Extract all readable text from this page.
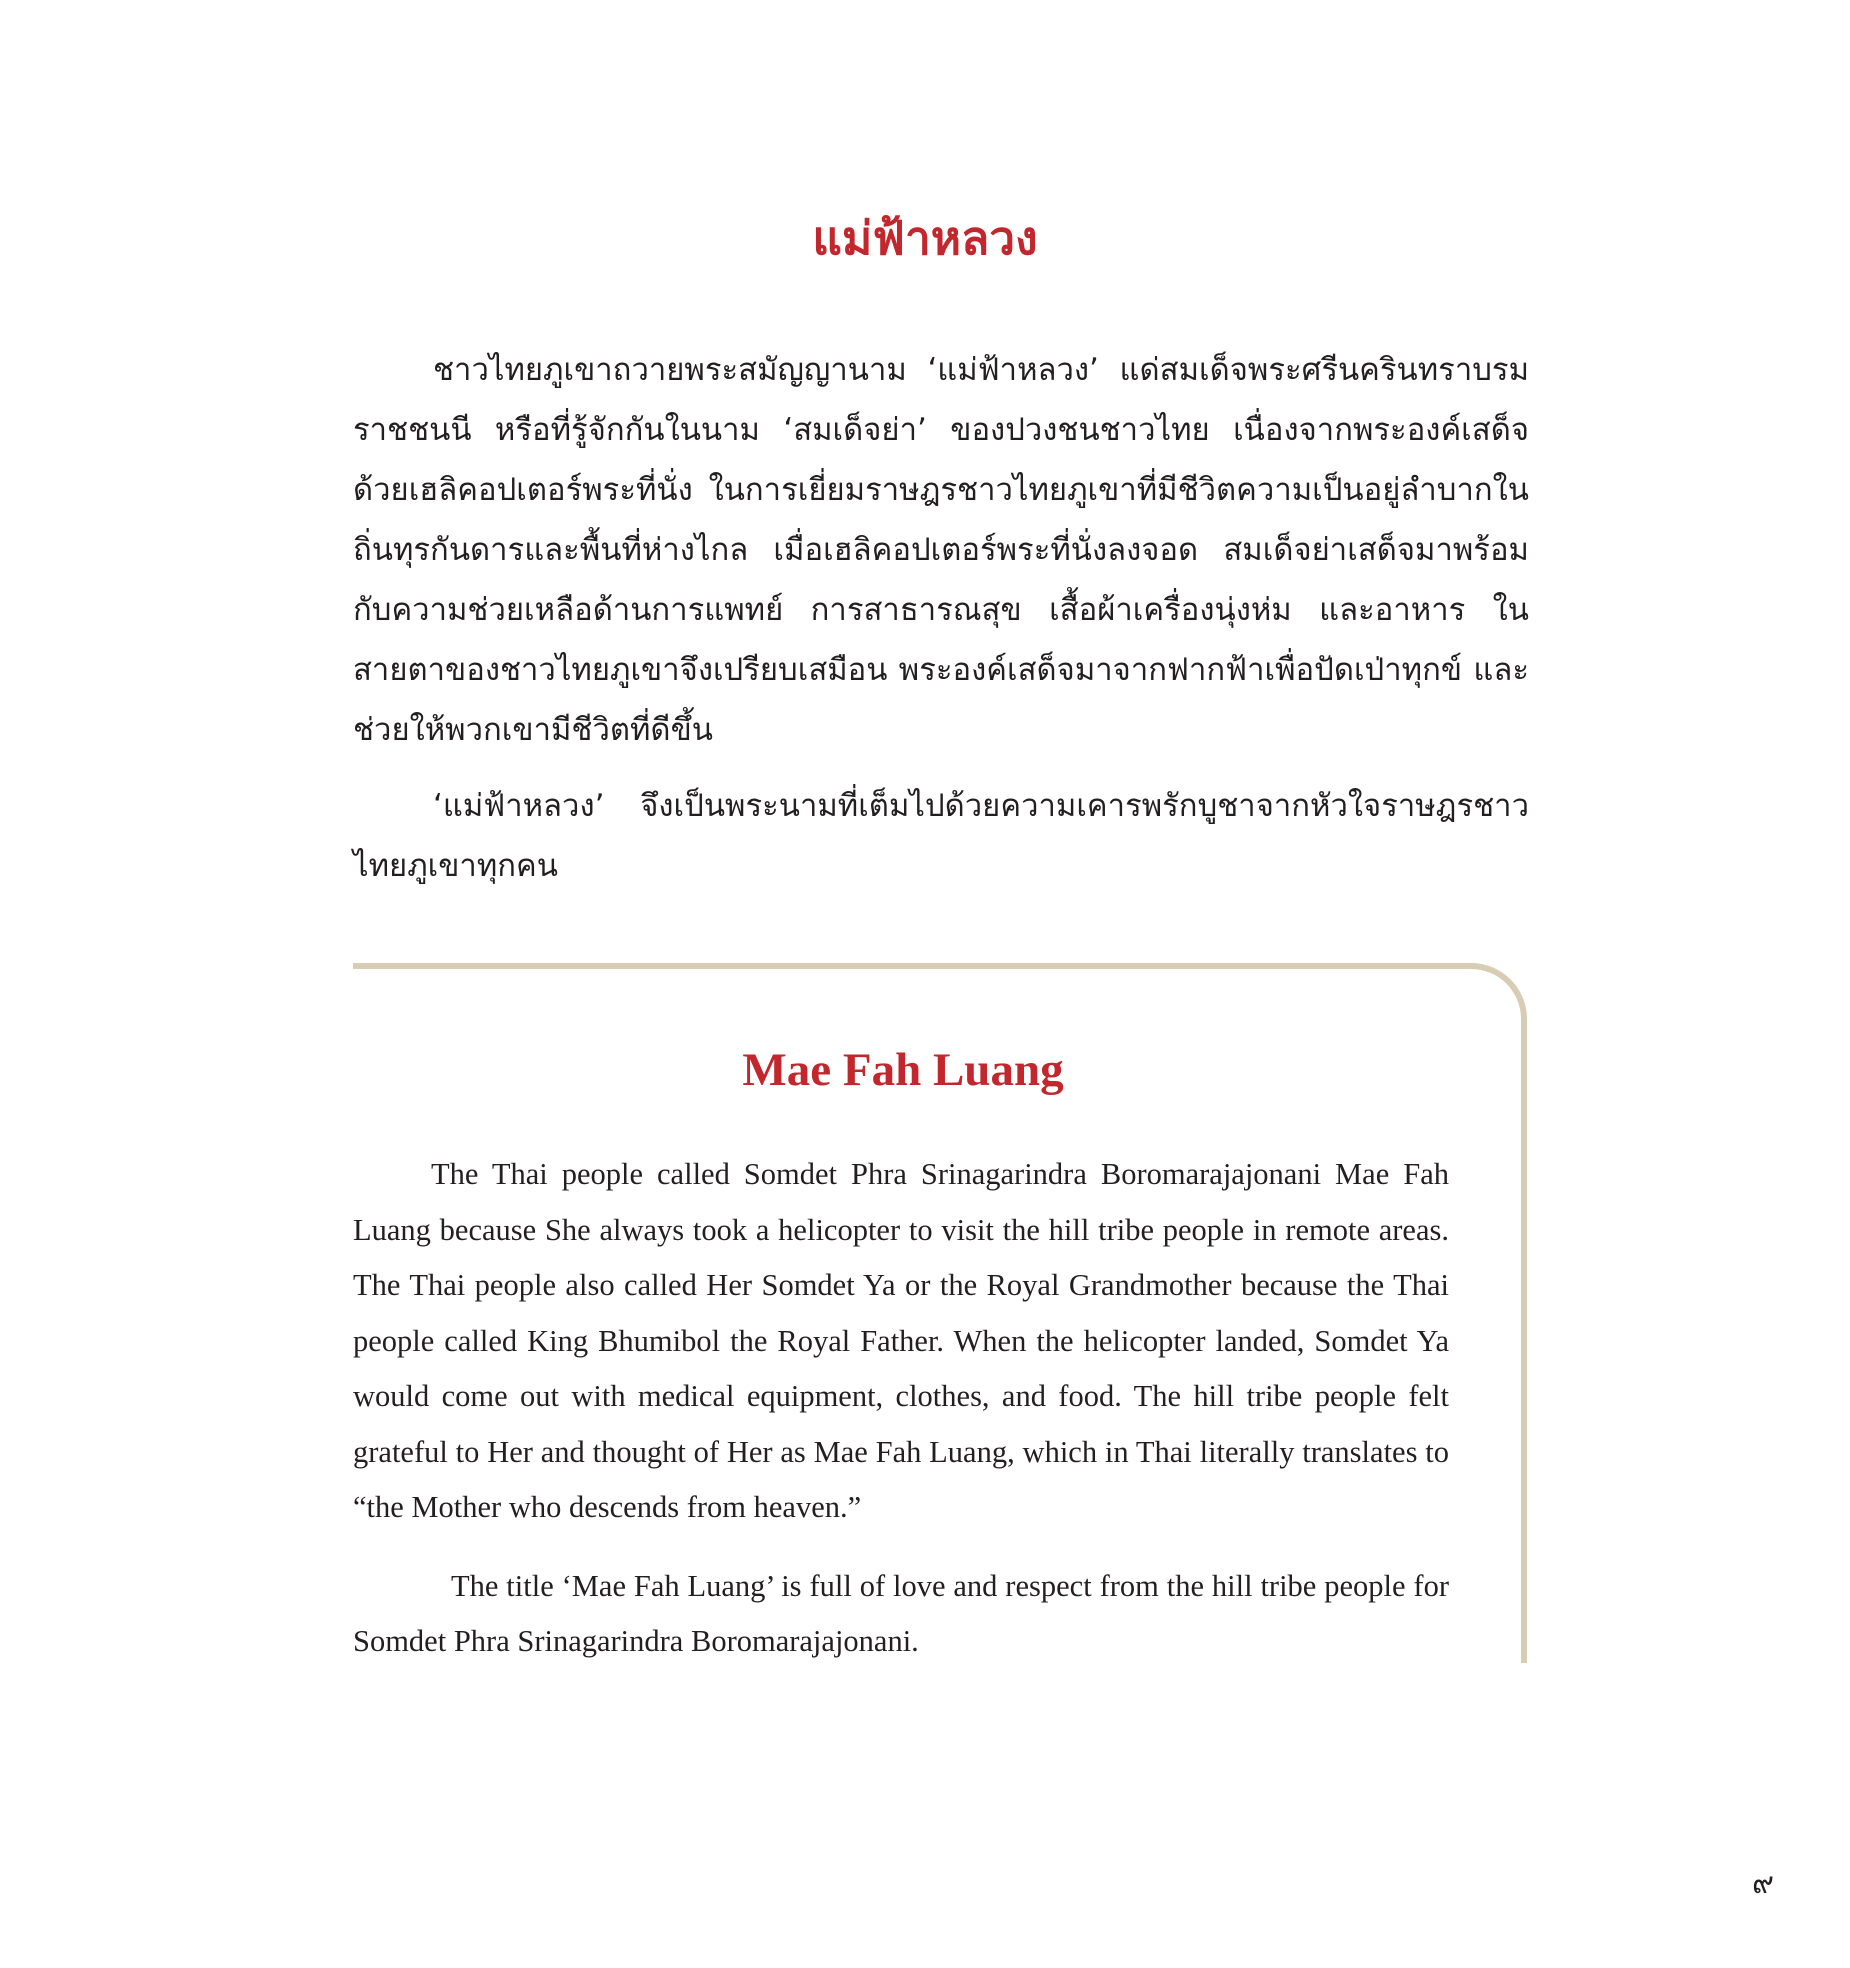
แม่ฟ้าหลวง

ชาวไทยภูเขาถวายพระสมัญญานาม ‘แม่ฟ้าหลวง’ แด่สมเด็จพระศรีนครินทราบรมราชชนนี หรือที่รู้จักกันในนาม ‘สมเด็จย่า’ ของปวงชนชาวไทย เนื่องจากพระองค์เสด็จด้วยเฮลิคอปเตอร์พระที่นั่ง ในการเยี่ยมราษฎรชาวไทยภูเขาที่มีชีวิตความเป็นอยู่ลำบากในถิ่นทุรกันดารและพื้นที่ห่างไกล เมื่อเฮลิคอปเตอร์พระที่นั่งลงจอด สมเด็จย่าเสด็จมาพร้อมกับความช่วยเหลือด้านการแพทย์ การสาธารณสุข เสื้อผ้าเครื่องนุ่งห่ม และอาหาร ในสายตาของชาวไทยภูเขาจึงเปรียบเสมือน พระองค์เสด็จมาจากฟากฟ้าเพื่อปัดเป่าทุกข์ และช่วยให้พวกเขามีชีวิตที่ดีขึ้น

‘แม่ฟ้าหลวง’ จึงเป็นพระนามที่เต็มไปด้วยความเคารพรักบูชาจากหัวใจราษฎรชาวไทยภูเขาทุกคน

Mae Fah Luang

The Thai people called Somdet Phra Srinagarindra Boromarajajonani Mae Fah Luang because She always took a helicopter to visit the hill tribe people in remote areas. The Thai people also called Her Somdet Ya or the Royal Grandmother because the Thai people called King Bhumibol the Royal Father. When the helicopter landed, Somdet Ya would come out with medical equipment, clothes, and food. The hill tribe people felt grateful to Her and thought of Her as Mae Fah Luang, which in Thai literally translates to “the Mother who descends from heaven.”

The title ‘Mae Fah Luang’ is full of love and respect from the hill tribe people for Somdet Phra Srinagarindra Boromarajajonani.

๙
